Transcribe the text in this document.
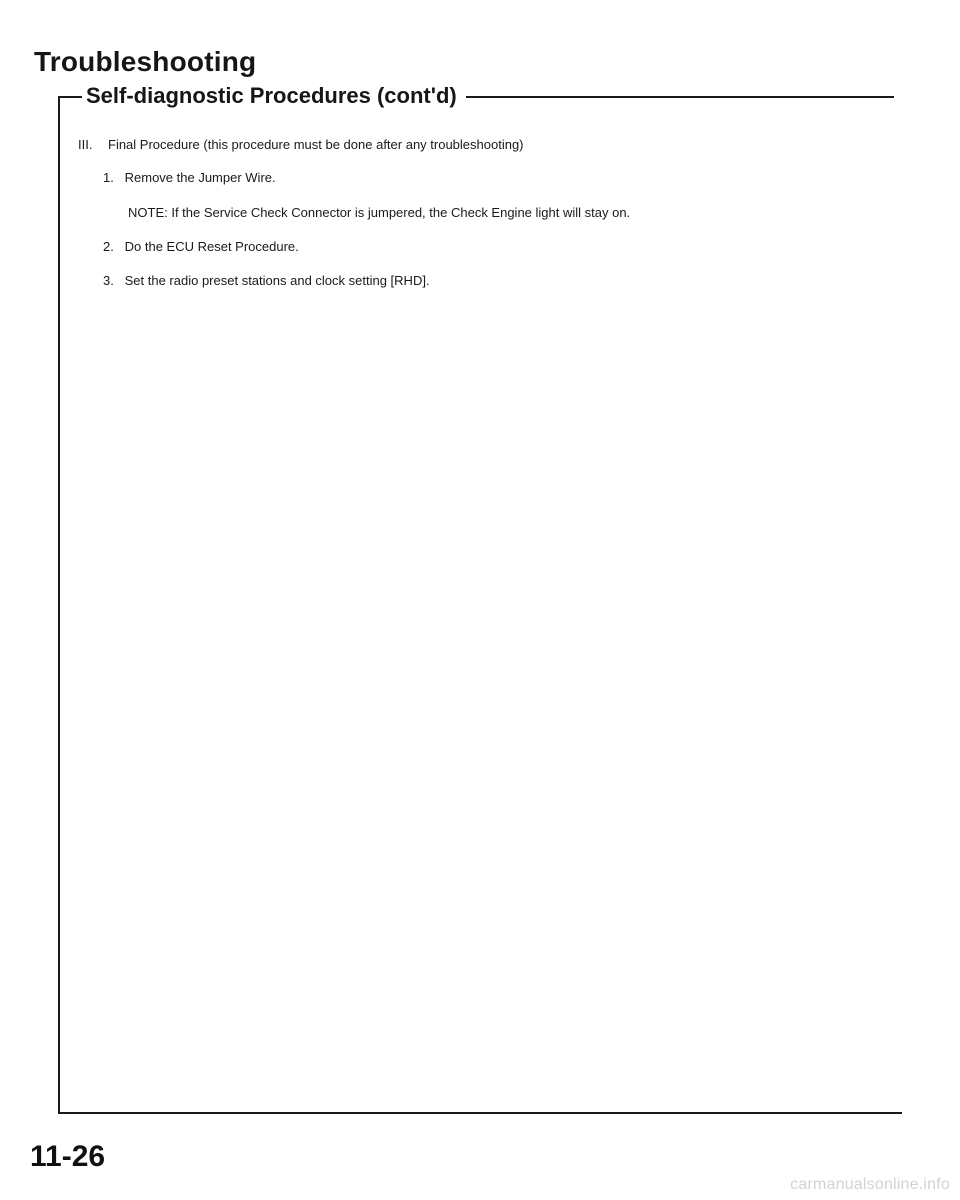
Troubleshooting
Self-diagnostic Procedures (cont'd)
III.	Final Procedure (this procedure must be done after any troubleshooting)
1. Remove the Jumper Wire.
NOTE: If the Service Check Connector is jumpered, the Check Engine light will stay on.
2. Do the ECU Reset Procedure.
3. Set the radio preset stations and clock setting [RHD].
11-26
carmanualsonline.info
